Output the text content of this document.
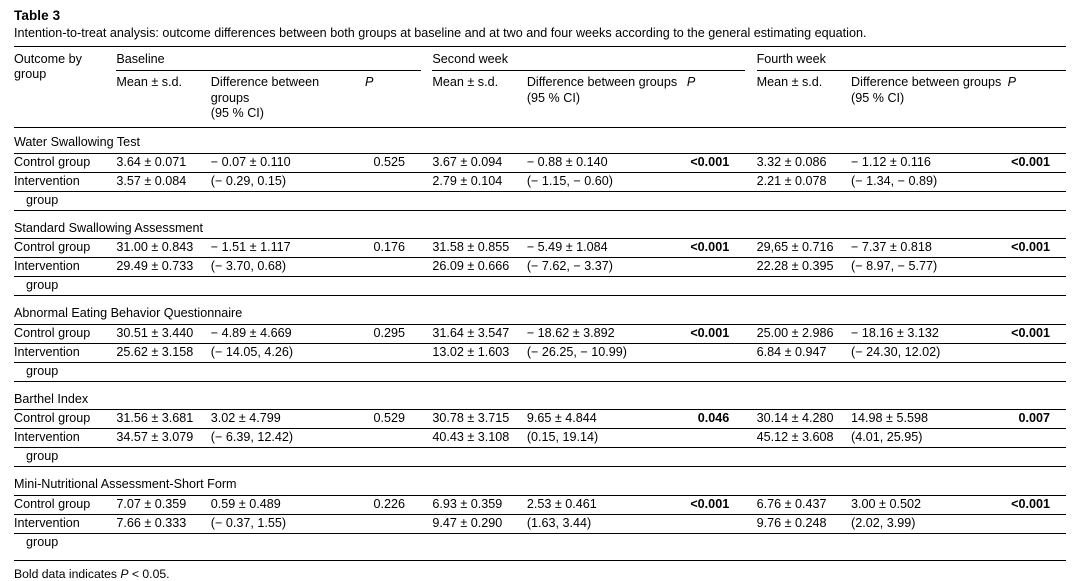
Table 3
Intention-to-treat analysis: outcome differences between both groups at baseline and at two and four weeks according to the general estimating equation.
Outcome by group	Baseline				Second week				Fourth week		
	Mean ± s.d.	Difference between groups
(95 % CI)	P		Mean ± s.d.	Difference between groups
(95 % CI)	P		Mean ± s.d.	Difference between groups
(95 % CI)	P
Water Swallowing Test											
Control group	3.64 ± 0.071	− 0.07 ± 0.110	0.525		3.67 ± 0.094	− 0.88 ± 0.140	<0.001		3.32 ± 0.086	− 1.12 ± 0.116	<0.001
Intervention	3.57 ± 0.084	(− 0.29, 0.15)			2.79 ± 0.104	(− 1.15, − 0.60)			2.21 ± 0.078	(− 1.34, − 0.89)	

group											

Standard Swallowing Assessment											
Control group	31.00 ± 0.843	− 1.51 ± 1.117	0.176		31.58 ± 0.855	− 5.49 ± 1.084	<0.001		29,65 ± 0.716	− 7.37 ± 0.818	<0.001
Intervention	29.49 ± 0.733	(− 3.70, 0.68)			26.09 ± 0.666	(− 7.62, − 3.37)			22.28 ± 0.395	(− 8.97, − 5.77)	

group											

Abnormal Eating Behavior Questionnaire											
Control group	30.51 ± 3.440	− 4.89 ± 4.669	0.295		31.64 ± 3.547	− 18.62 ± 3.892	<0.001		25.00 ± 2.986	− 18.16 ± 3.132	<0.001
Intervention	25.62 ± 3.158	(− 14.05, 4.26)			13.02 ± 1.603	(− 26.25, − 10.99)			6.84 ± 0.947	(− 24.30, 12.02)	

group											

Barthel Index											
Control group	31.56 ± 3.681	3.02 ± 4.799	0.529		30.78 ± 3.715	9.65 ± 4.844	0.046		30.14 ± 4.280	14.98 ± 5.598	0.007
Intervention	34.57 ± 3.079	(− 6.39, 12.42)			40.43 ± 3.108	(0.15, 19.14)			45.12 ± 3.608	(4.01, 25.95)	

group											

Mini-Nutritional Assessment-Short Form											
Control group	7.07 ± 0.359	0.59 ± 0.489	0.226		6.93 ± 0.359	2.53 ± 0.461	<0.001		6.76 ± 0.437	3.00 ± 0.502	<0.001
Intervention	7.66 ± 0.333	(− 0.37, 1.55)			9.47 ± 0.290	(1.63, 3.44)			9.76 ± 0.248	(2.02, 3.99)	

group											

Bold data indicates P < 0.05.
